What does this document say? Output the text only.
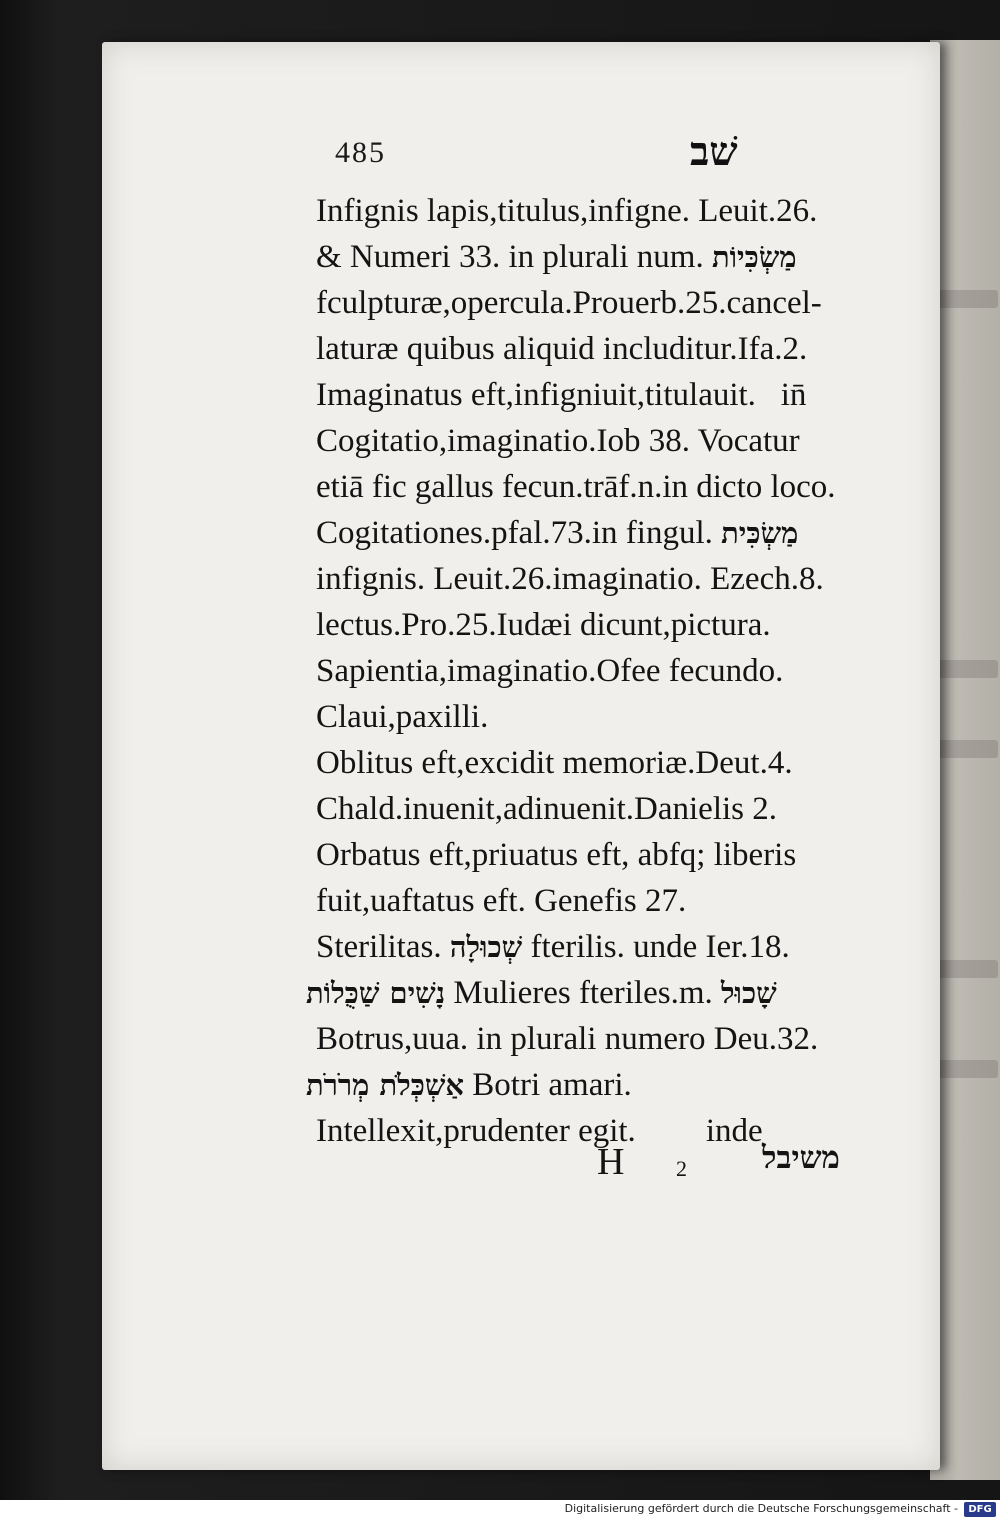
485	שׁב
Infignis lapis,titulus,infigne. Leuit.26.
& Numeri 33. in plurali num. מַשְׂכִּיוֹת
fculpturæ,opercula.Prouerb.25.cancel-
laturæ quibus aliquid includitur.Ifa.2.
Imaginatus eft,infigniuit,titulauit. in̄
Cogitatio,imaginatio.Iob 38. Vocatur
etiā fic gallus fecun.trāf.n.in dicto loco.
Cogitationes.pfal.73.in fingul. מַשְׂכִּית
infignis. Leuit.26.imaginatio. Ezech.8.
lectus.Pro.25.Iudæi dicunt,pictura.
Sapientia,imaginatio.Ofee fecundo.
Claui,paxilli.
Oblitus eft,excidit memoriæ.Deut.4.
Chald.inuenit,adinuenit.Danielis 2.
Orbatus eft,priuatus eft, abfq; liberis
fuit,uaftatus eft. Genefis 27.
Sterilitas. שְׁכוּלָה fterilis. unde Ier.18.
נָשִׁים שַׁכֻּלוֹת Mulieres fteriles.m. שָׁכוּל
Botrus,uua. in plurali numero Deu.32.
אַשְׁכְּלֹת מְרֹרֹת Botri amari.
Intellexit,prudenter egit. inde
H 2 משיבל
Digitalisierung gefördert durch die Deutsche Forschungsgemeinschaft -	DFG
